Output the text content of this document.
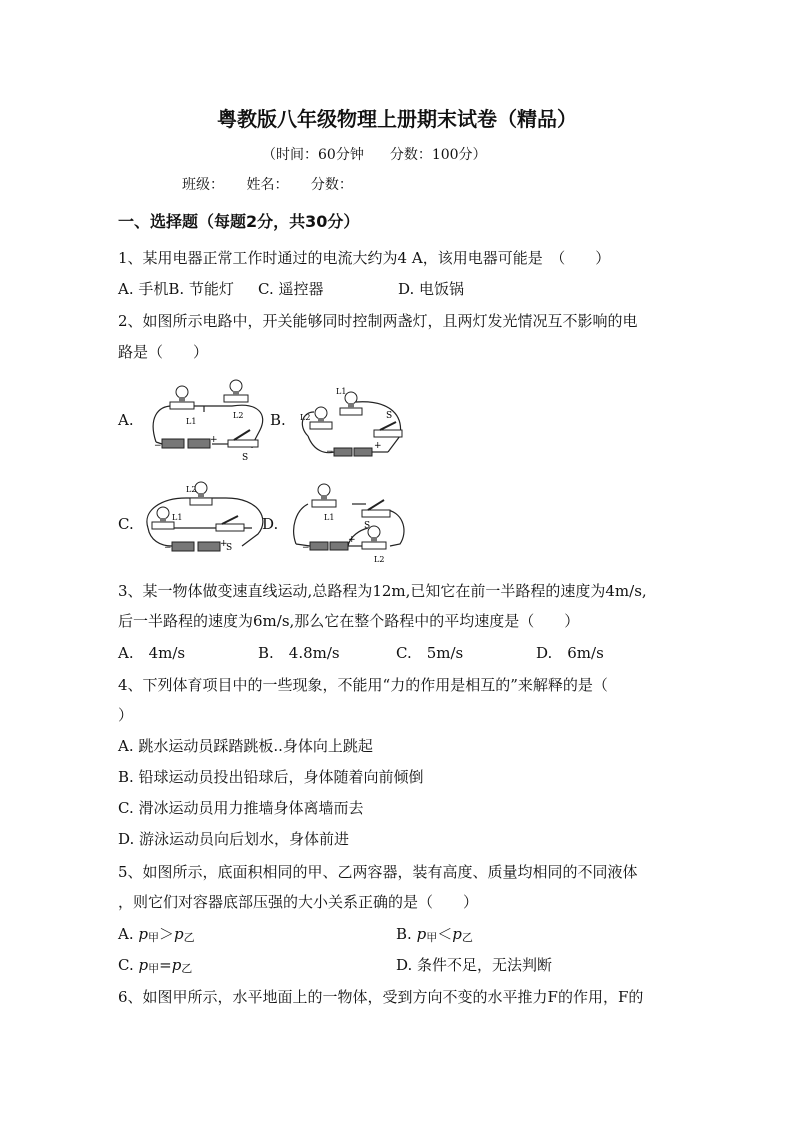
粤教版八年级物理上册期末试卷（精品）
（时间：60分钟 分数：100分）
班级： 姓名： 分数：
一、选择题（每题2分，共30分）
1、某用电器正常工作时通过的电流大约为4 A，该用电器可能是　（　　）
A. 手机B. 节能灯 C. 遥控器	D. 电饭锅
2、如图所示电路中，开关能够同时控制两盏灯，且两灯发光情况互不影响的电
路是（　　）
A.	B.
C.	D.
L1
L2
S
−
+
L1
L2	S
−
+
L1
L2
S
−	+
L1
L2
S
−
+
3、某一物体做变速直线运动,总路程为12m,已知它在前一半路程的速度为4m/s,
后一半路程的速度为6m/s,那么它在整个路程中的平均速度是（　　）
A.　4m/s	B.　4.8m/s	C.　5m/s	D.　6m/s
4、下列体育项目中的一些现象，不能用“力的作用是相互的”来解释的是（
）
A. 跳水运动员踩踏跳板..身体向上跳起
B. 铅球运动员投出铅球后，身体随着向前倾倒
C. 滑冰运动员用力推墙身体离墙而去
D. 游泳运动员向后划水，身体前进
5、如图所示，底面积相同的甲、乙两容器，装有高度、质量均相同的不同液体
，则它们对容器底部压强的大小关系正确的是（　　）
A. p甲＞p乙	B. p甲＜p乙
C. p甲=p乙	D. 条件不足，无法判断
6、如图甲所示，水平地面上的一物体，受到方向不变的水平推力F的作用，F的
